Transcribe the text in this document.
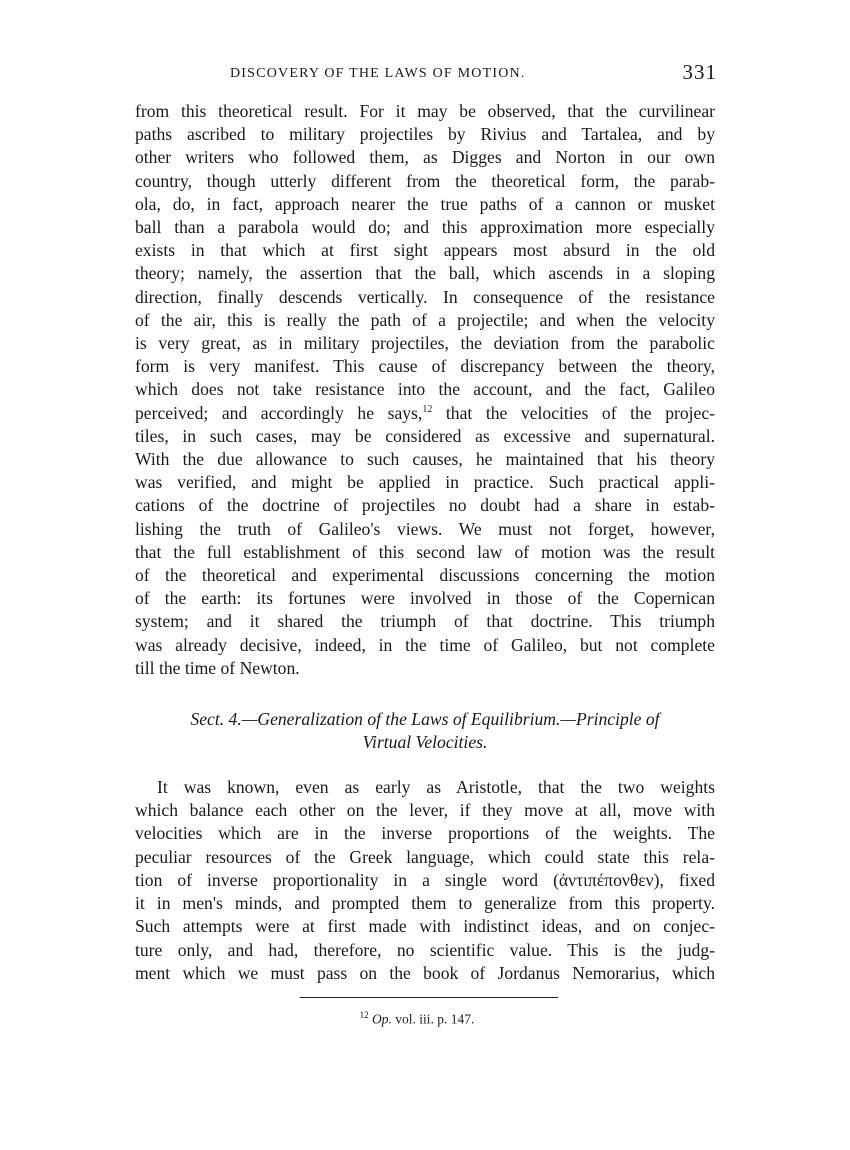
DISCOVERY OF THE LAWS OF MOTION.	331
from this theoretical result. For it may be observed, that the curvilinear
paths ascribed to military projectiles by Rivius and Tartalea, and by
other writers who followed them, as Digges and Norton in our own
country, though utterly different from the theoretical form, the parab-
ola, do, in fact, approach nearer the true paths of a cannon or musket
ball than a parabola would do; and this approximation more especially
exists in that which at first sight appears most absurd in the old
theory; namely, the assertion that the ball, which ascends in a sloping
direction, finally descends vertically. In consequence of the resistance
of the air, this is really the path of a projectile; and when the velocity
is very great, as in military projectiles, the deviation from the parabolic
form is very manifest. This cause of discrepancy between the theory,
which does not take resistance into the account, and the fact, Galileo
perceived; and accordingly he says,$^{12}$ that the velocities of the projec-
tiles, in such cases, may be considered as excessive and supernatural.
With the due allowance to such causes, he maintained that his theory
was verified, and might be applied in practice. Such practical appli-
cations of the doctrine of projectiles no doubt had a share in estab-
lishing the truth of Galileo's views. We must not forget, however,
that the full establishment of this second law of motion was the result
of the theoretical and experimental discussions concerning the motion
of the earth: its fortunes were involved in those of the Copernican
system; and it shared the triumph of that doctrine. This triumph
was already decisive, indeed, in the time of Galileo, but not complete
till the time of Newton.
Sect. 4.—Generalization of the Laws of Equilibrium.—Principle of
Virtual Velocities.
It was known, even as early as Aristotle, that the two weights
which balance each other on the lever, if they move at all, move with
velocities which are in the inverse proportions of the weights. The
peculiar resources of the Greek language, which could state this rela-
tion of inverse proportionality in a single word (ἀντιπέπονθεν), fixed
it in men's minds, and prompted them to generalize from this property.
Such attempts were at first made with indistinct ideas, and on conjec-
ture only, and had, therefore, no scientific value. This is the judg-
ment which we must pass on the book of Jordanus Nemorarius, which
$^{12}$ Op. vol. iii. p. 147.
